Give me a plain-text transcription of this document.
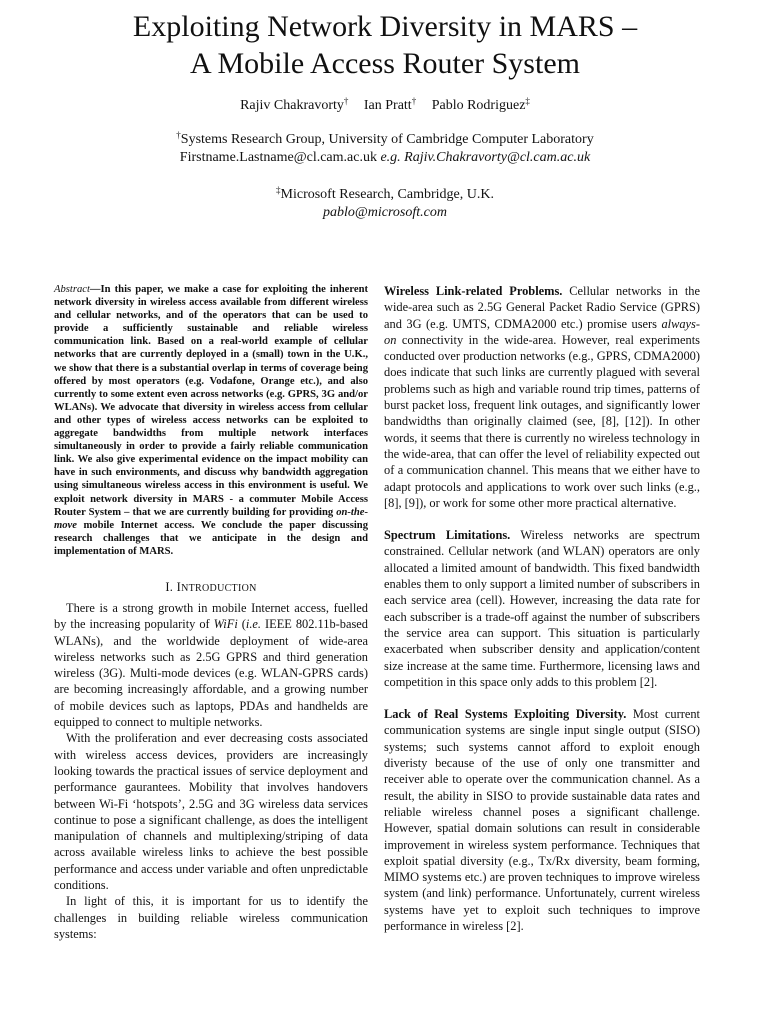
Exploiting Network Diversity in MARS –
A Mobile Access Router System
Rajiv Chakravorty† Ian Pratt† Pablo Rodriguez‡
†Systems Research Group, University of Cambridge Computer Laboratory
Firstname.Lastname@cl.cam.ac.uk e.g. Rajiv.Chakravorty@cl.cam.ac.uk
‡Microsoft Research, Cambridge, U.K.
pablo@microsoft.com

Abstract—In this paper, we make a case for exploiting the inherent network diversity in wireless access available from different wireless and cellular networks, and of the operators that can be used to provide a sufficiently sustainable and reliable wireless communication link. Based on a real-world example of cellular networks that are currently deployed in a (small) town in the U.K., we show that there is a substantial overlap in terms of coverage being offered by most operators (e.g. Vodafone, Orange etc.), and also currently to some extent even across networks (e.g. GPRS, 3G and/or WLANs). We advocate that diversity in wireless access from cellular and other types of wireless access networks can be exploited to aggregate bandwidths from multiple network interfaces simultaneously in order to provide a fairly reliable communication link. We also give experimental evidence on the impact mobility can have in such environments, and discuss why bandwidth aggregation using simultaneous wireless access in this environment is useful. We exploit network diversity in MARS - a commuter Mobile Access Router System – that we are currently building for providing on-the-move mobile Internet access. We conclude the paper discussing research challenges that we anticipate in the design and implementation of MARS.

I. INTRODUCTION

There is a strong growth in mobile Internet access, fuelled by the increasing popularity of WiFi (i.e. IEEE 802.11b-based WLANs), and the worldwide deployment of wide-area wireless networks such as 2.5G GPRS and third generation wireless (3G). Multi-mode devices (e.g. WLAN-GPRS cards) are becoming increasingly affordable, and a growing number of mobile devices such as laptops, PDAs and handhelds are equipped to connect to multiple networks.

With the proliferation and ever decreasing costs associated with wireless access devices, providers are increasingly looking towards the practical issues of service deployment and performance gaurantees. Mobility that involves handovers between Wi-Fi ‘hotspots’, 2.5G and 3G wireless data services continue to pose a significant challenge, as does the intelligent manipulation of channels and multiplexing/striping of data across available wireless links to achieve the best possible performance and access under variable and often unpredictable conditions.

In light of this, it is important for us to identify the challenges in building reliable wireless communication systems:

Wireless Link-related Problems. Cellular networks in the wide-area such as 2.5G General Packet Radio Service (GPRS) and 3G (e.g. UMTS, CDMA2000 etc.) promise users always-on connectivity in the wide-area. However, real experiments conducted over production networks (e.g., GPRS, CDMA2000) does indicate that such links are currently plagued with several problems such as high and variable round trip times, patterns of burst packet loss, frequent link outages, and significantly lower bandwidths than originally claimed (see, [8], [12]). In other words, it seems that there is currently no wireless technology in the wide-area, that can offer the level of reliability expected out of a communication channel. This means that we either have to adapt protocols and applications to work over such links (e.g., [8], [9]), or work for some other more practical alternative.

Spectrum Limitations. Wireless networks are spectrum constrained. Cellular network (and WLAN) operators are only allocated a limited amount of bandwidth. This fixed bandwidth enables them to only support a limited number of subscribers in each service area (cell). However, increasing the data rate for each subscriber is a trade-off against the number of subscribers the service area can support. This situation is particularly exacerbated when subscriber density and application/content size increase at the same time. Furthermore, licensing laws and competition in this space only adds to this problem [2].

Lack of Real Systems Exploiting Diversity. Most current communication systems are single input single output (SISO) systems; such systems cannot afford to exploit enough diveristy because of the use of only one transmitter and receiver able to operate over the communication channel. As a result, the ability in SISO to provide sustainable data rates and reliable wireless channel poses a significant challenge. However, spatial domain solutions can result in considerable improvement in wireless system performance. Techniques that exploit spatial diversity (e.g., Tx/Rx diversity, beam forming, MIMO systems etc.) are proven techniques to improve wireless system (and link) performance. Unfortunately, current wireless systems have yet to exploit such techniques to improve performance in wireless [2].
